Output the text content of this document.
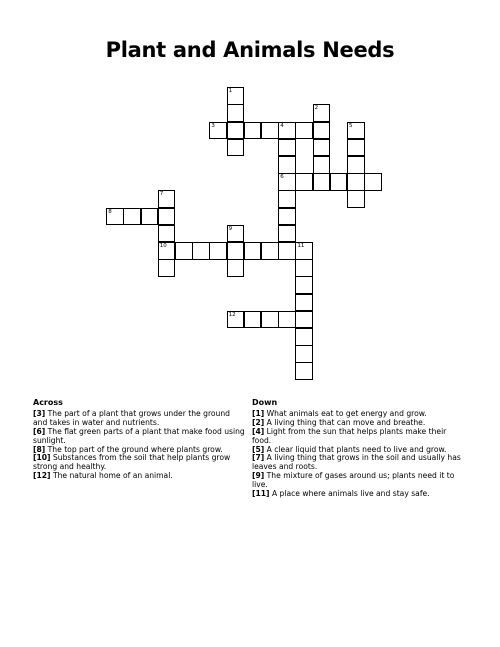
Plant and Animals Needs
1
2
3	4
6
5
7
10
8
9
11
12
Across
[3] The part of a plant that grows under the ground and takes in water and nutrients.
[6] The flat green parts of a plant that make food using sunlight.
[8] The top part of the ground where plants grow.
[10] Substances from the soil that help plants grow strong and healthy.
[12] The natural home of an animal.
Down
[1] What animals eat to get energy and grow.
[2] A living thing that can move and breathe.
[4] Light from the sun that helps plants make their food.
[5] A clear liquid that plants need to live and grow.
[7] A living thing that grows in the soil and usually has leaves and roots.
[9] The mixture of gases around us; plants need it to live.
[11] A place where animals live and stay safe.
